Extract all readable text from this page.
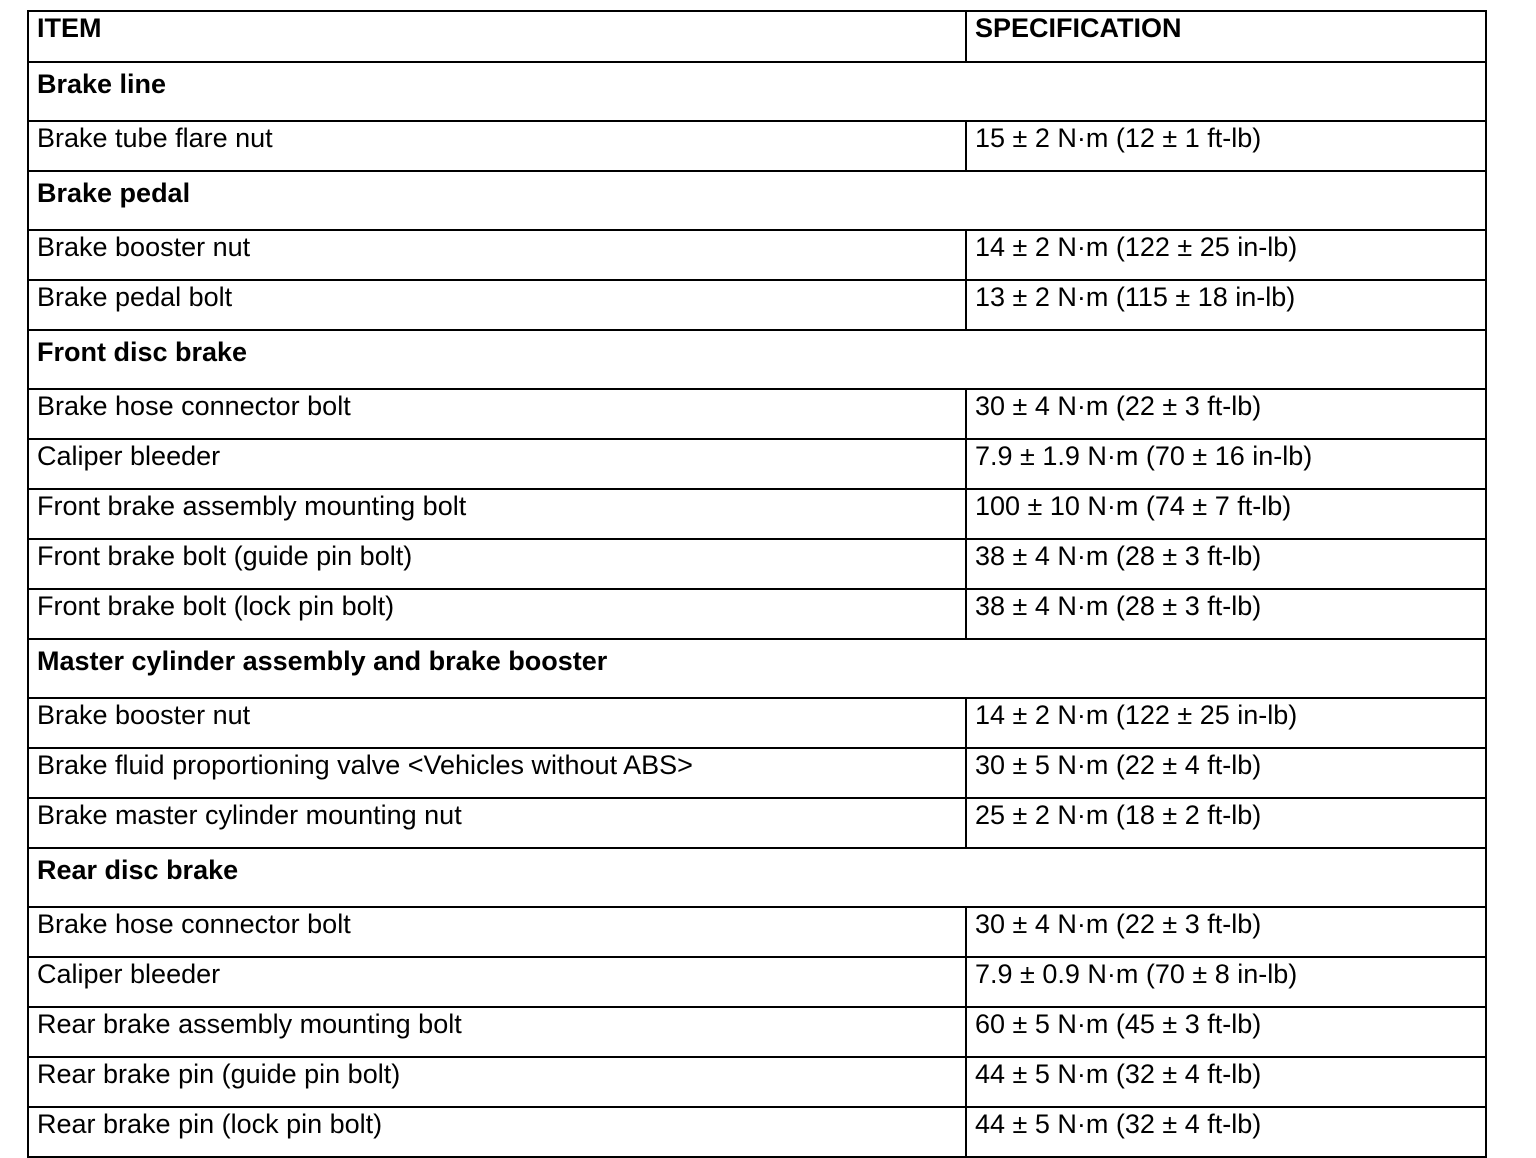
ITEM	SPECIFICATION
Brake line	
Brake tube flare nut	15 ± 2 N·m (12 ± 1 ft-lb)
Brake pedal	
Brake booster nut	14 ± 2 N·m (122 ± 25 in-lb)
Brake pedal bolt	13 ± 2 N·m (115 ± 18 in-lb)
Front disc brake	
Brake hose connector bolt	30 ± 4 N·m (22 ± 3 ft-lb)
Caliper bleeder	7.9 ± 1.9 N·m (70 ± 16 in-lb)
Front brake assembly mounting bolt	100 ± 10 N·m (74 ± 7 ft-lb)
Front brake bolt (guide pin bolt)	38 ± 4 N·m (28 ± 3 ft-lb)
Front brake bolt (lock pin bolt)	38 ± 4 N·m (28 ± 3 ft-lb)
Master cylinder assembly and brake booster	
Brake booster nut	14 ± 2 N·m (122 ± 25 in-lb)
Brake fluid proportioning valve <Vehicles without ABS>	30 ± 5 N·m (22 ± 4 ft-lb)
Brake master cylinder mounting nut	25 ± 2 N·m (18 ± 2 ft-lb)
Rear disc brake	
Brake hose connector bolt	30 ± 4 N·m (22 ± 3 ft-lb)
Caliper bleeder	7.9 ± 0.9 N·m (70 ± 8 in-lb)
Rear brake assembly mounting bolt	60 ± 5 N·m (45 ± 3 ft-lb)
Rear brake pin (guide pin bolt)	44 ± 5 N·m (32 ± 4 ft-lb)
Rear brake pin (lock pin bolt)	44 ± 5 N·m (32 ± 4 ft-lb)
